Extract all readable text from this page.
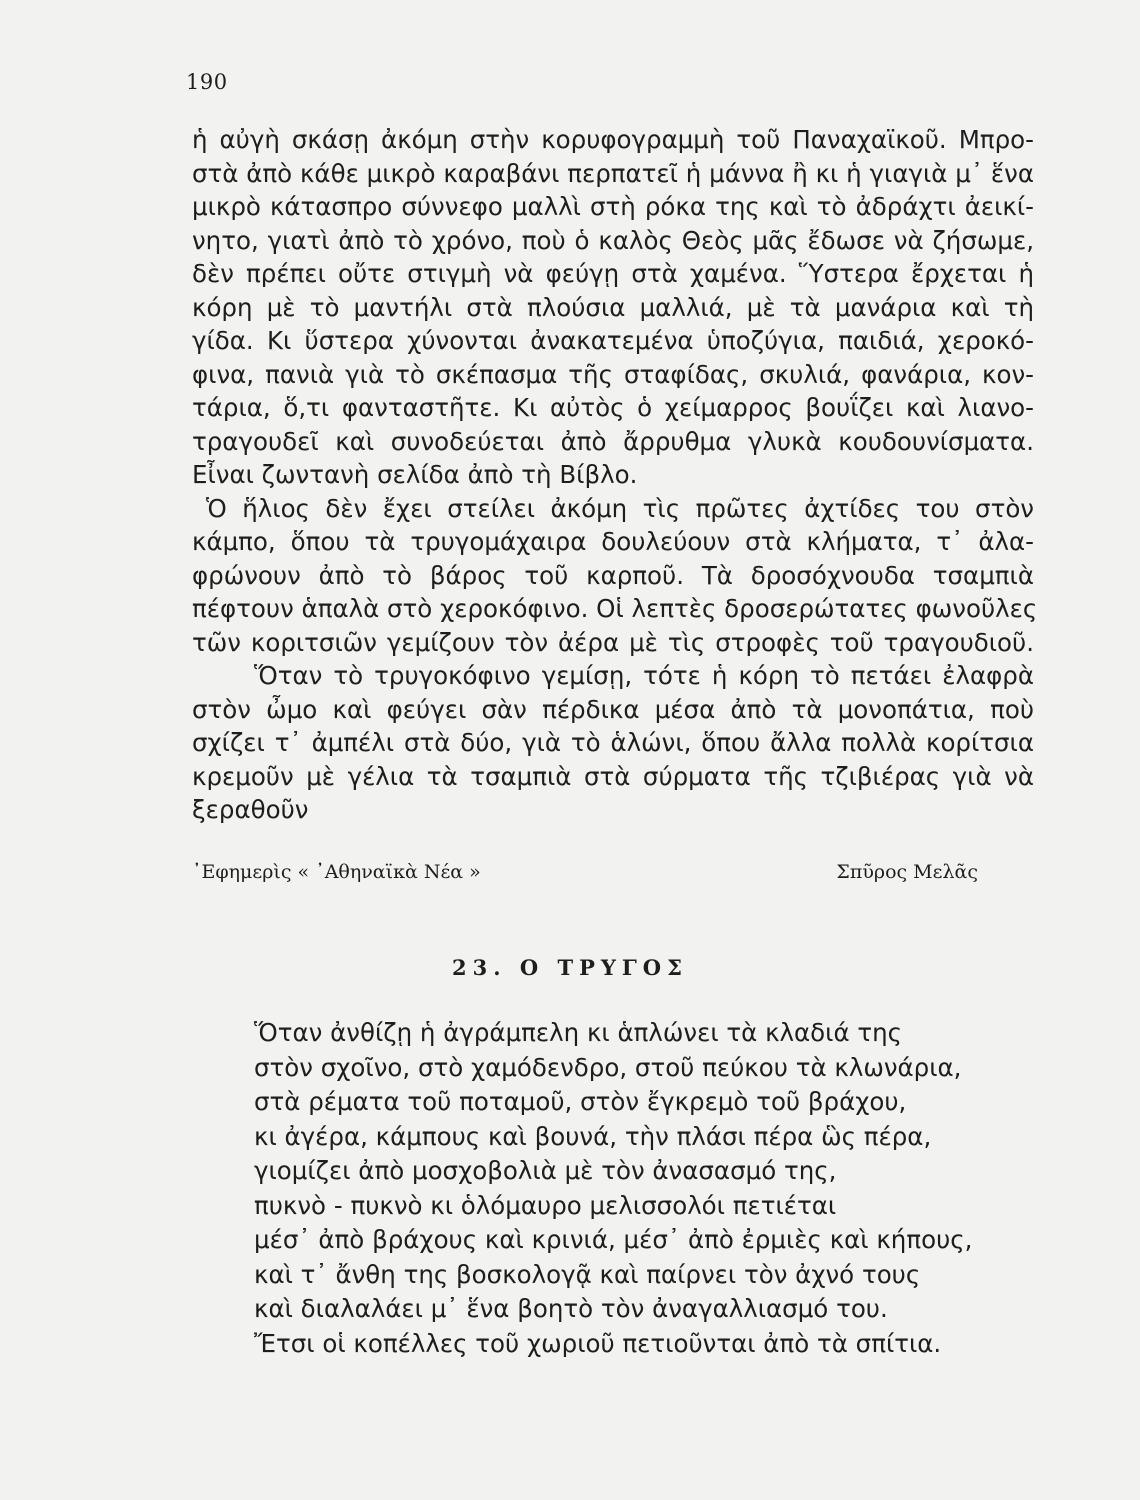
190
ἡ αὐγὴ σκάσῃ ἀκόμη στὴν κορυφογραμμὴ τοῦ Παναχαϊκοῦ. Μπρο-
στὰ ἀπὸ κάθε μικρὸ καραβάνι περπατεῖ ἡ μάννα ἢ κι ἡ γιαγιὰ μ᾽ ἕνα
μικρὸ κάτασπρο σύννεφο μαλλὶ στὴ ρόκα της καὶ τὸ ἀδράχτι ἀεικί-
νητο, γιατὶ ἀπὸ τὸ χρόνο, ποὺ ὁ καλὸς Θεὸς μᾶς ἔδωσε νὰ ζήσωμε,
δὲν πρέπει οὔτε στιγμὴ νὰ φεύγῃ στὰ χαμένα. Ὕστερα ἔρχεται ἡ
κόρη μὲ τὸ μαντήλι στὰ πλούσια μαλλιά, μὲ τὰ μανάρια καὶ τὴ
γίδα. Κι ὕστερα χύνονται ἀνακατεμένα ὑποζύγια, παιδιά, χεροκό-
φινα, πανιὰ γιὰ τὸ σκέπασμα τῆς σταφίδας, σκυλιά, φανάρια, κον-
τάρια, ὅ,τι φανταστῆτε. Κι αὐτὸς ὁ χείμαρρος βουΐζει καὶ λιανο-
τραγουδεῖ καὶ συνοδεύεται ἀπὸ ἄρρυθμα γλυκὰ κουδουνίσματα.
Εἶναι ζωντανὴ σελίδα ἀπὸ τὴ Βίβλο.
Ὁ ἥλιος δὲν ἔχει στείλει ἀκόμη τὶς πρῶτες ἀχτίδες του στὸν
κάμπο, ὅπου τὰ τρυγομάχαιρα δουλεύουν στὰ κλήματα, τ᾽ ἀλα-
φρώνουν ἀπὸ τὸ βάρος τοῦ καρποῦ. Τὰ δροσόχνουδα τσαμπιὰ
πέφτουν ἁπαλὰ στὸ χεροκόφινο. Οἱ λεπτὲς δροσερώτατες φωνοῦλες
τῶν κοριτσιῶν γεμίζουν τὸν ἀέρα μὲ τὶς στροφὲς τοῦ τραγουδιοῦ.
Ὅταν τὸ τρυγοκόφινο γεμίσῃ, τότε ἡ κόρη τὸ πετάει ἐλαφρὰ
στὸν ὦμο καὶ φεύγει σὰν πέρδικα μέσα ἀπὸ τὰ μονοπάτια, ποὺ
σχίζει τ᾽ ἀμπέλι στὰ δύο, γιὰ τὸ ἁλώνι, ὅπου ἄλλα πολλὰ κορίτσια
κρεμοῦν μὲ γέλια τὰ τσαμπιὰ στὰ σύρματα τῆς τζιβιέρας γιὰ νὰ
ξεραθοῦν
᾽Εφημερὶς « ᾽Αθηναϊκὰ Νέα »	Σπῦρος Μελᾶς
23. Ο ΤΡΥΓΟΣ
Ὅταν ἀνθίζῃ ἡ ἀγράμπελη κι ἁπλώνει τὰ κλαδιά της
στὸν σχοῖνο, στὸ χαμόδενδρο, στοῦ πεύκου τὰ κλωνάρια,
στὰ ρέματα τοῦ ποταμοῦ, στὸν ἔγκρεμὸ τοῦ βράχου,
κι ἀγέρα, κάμπους καὶ βουνά, τὴν πλάσι πέρα ὣς πέρα,
γιομίζει ἀπὸ μοσχοβολιὰ μὲ τὸν ἀνασασμό της,
πυκνὸ - πυκνὸ κι ὁλόμαυρο μελισσολόι πετιέται
μέσ᾽ ἀπὸ βράχους καὶ κρινιά, μέσ᾽ ἀπὸ ἐρμιὲς καὶ κήπους,
καὶ τ᾽ ἄνθη της βοσκολογᾷ καὶ παίρνει τὸν ἀχνό τους
καὶ διαλαλάει μ᾽ ἕνα βοητὸ τὸν ἀναγαλλιασμό του.
Ἔτσι οἱ κοπέλλες τοῦ χωριοῦ πετιοῦνται ἀπὸ τὰ σπίτια.
